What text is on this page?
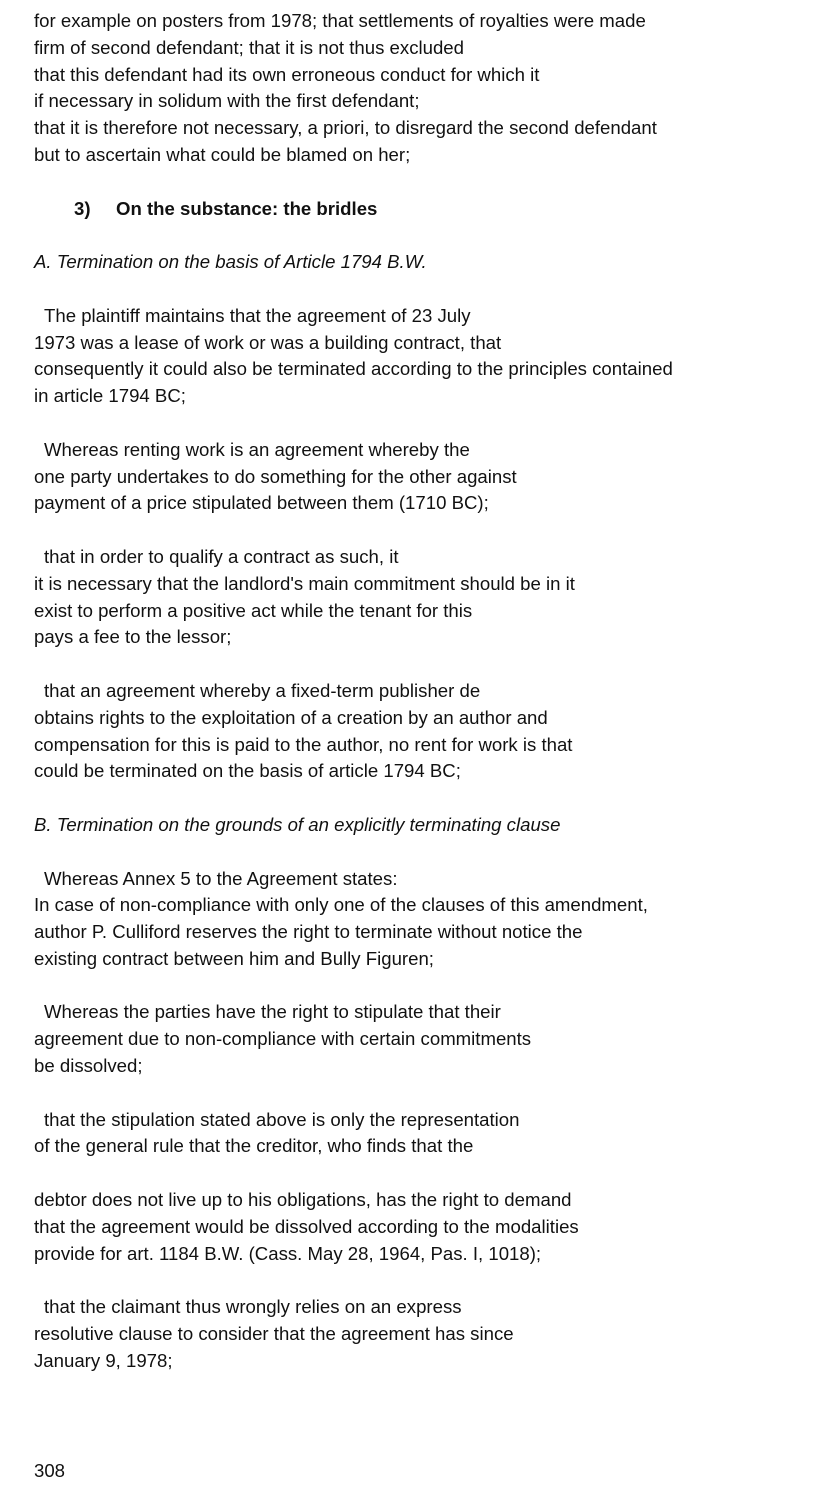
for example on posters from 1978; that settlements of royalties were made
firm of second defendant; that it is not thus excluded
that this defendant had its own erroneous conduct for which it
if necessary in solidum with the first defendant;
that it is therefore not necessary, a priori, to disregard the second defendant
but to ascertain what could be blamed on her;
3) On the substance: the bridles
A. Termination on the basis of Article 1794 B.W.
The plaintiff maintains that the agreement of 23 July
1973 was a lease of work or was a building contract, that
consequently it could also be terminated according to the principles contained
in article 1794 BC;
Whereas renting work is an agreement whereby the
one party undertakes to do something for the other against
payment of a price stipulated between them (1710 BC);
that in order to qualify a contract as such, it
it is necessary that the landlord's main commitment should be in it
exist to perform a positive act while the tenant for this
pays a fee to the lessor;
that an agreement whereby a fixed-term publisher de
obtains rights to the exploitation of a creation by an author and
compensation for this is paid to the author, no rent for work is that
could be terminated on the basis of article 1794 BC;
B. Termination on the grounds of an explicitly terminating clause
Whereas Annex 5 to the Agreement states:
In case of non-compliance with only one of the clauses of this amendment,
author P. Culliford reserves the right to terminate without notice the
existing contract between him and Bully Figuren;
Whereas the parties have the right to stipulate that their
agreement due to non-compliance with certain commitments
be dissolved;
that the stipulation stated above is only the representation
of the general rule that the creditor, who finds that the
debtor does not live up to his obligations, has the right to demand
that the agreement would be dissolved according to the modalities
provide for art. 1184 B.W. (Cass. May 28, 1964, Pas. I, 1018);
that the claimant thus wrongly relies on an express
resolutive clause to consider that the agreement has since
January 9, 1978;
308
